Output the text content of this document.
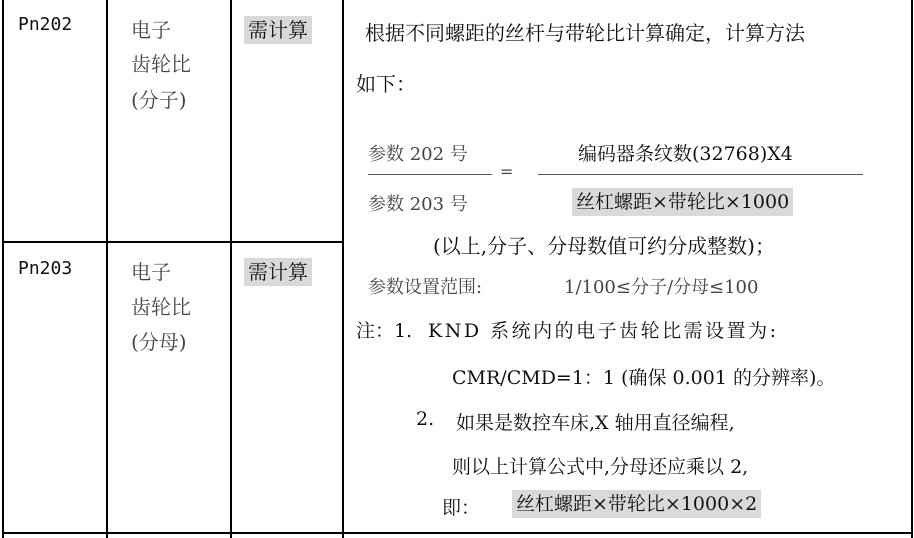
Pn202	电子
齿轮比
(分子)
需计算
Pn203	电子
齿轮比
(分母)
需计算
根据不同螺距的丝杆与带轮比计算确定，计算方法
如下：
参数 202 号	编码器条纹数(32768)X4
=
参数 203 号	丝杠螺距×带轮比×1000
(以上,分子、分母数值可约分成整数)；
参数设置范围:	1/100≤分子/分母≤100
注：1. KND 系统内的电子齿轮比需设置为:
CMR/CMD=1：1 (确保 0.001 的分辨率)。
2. 如果是数控车床,X 轴用直径编程,
则以上计算公式中,分母还应乘以 2,
即： 丝杠螺距×带轮比×1000×2
